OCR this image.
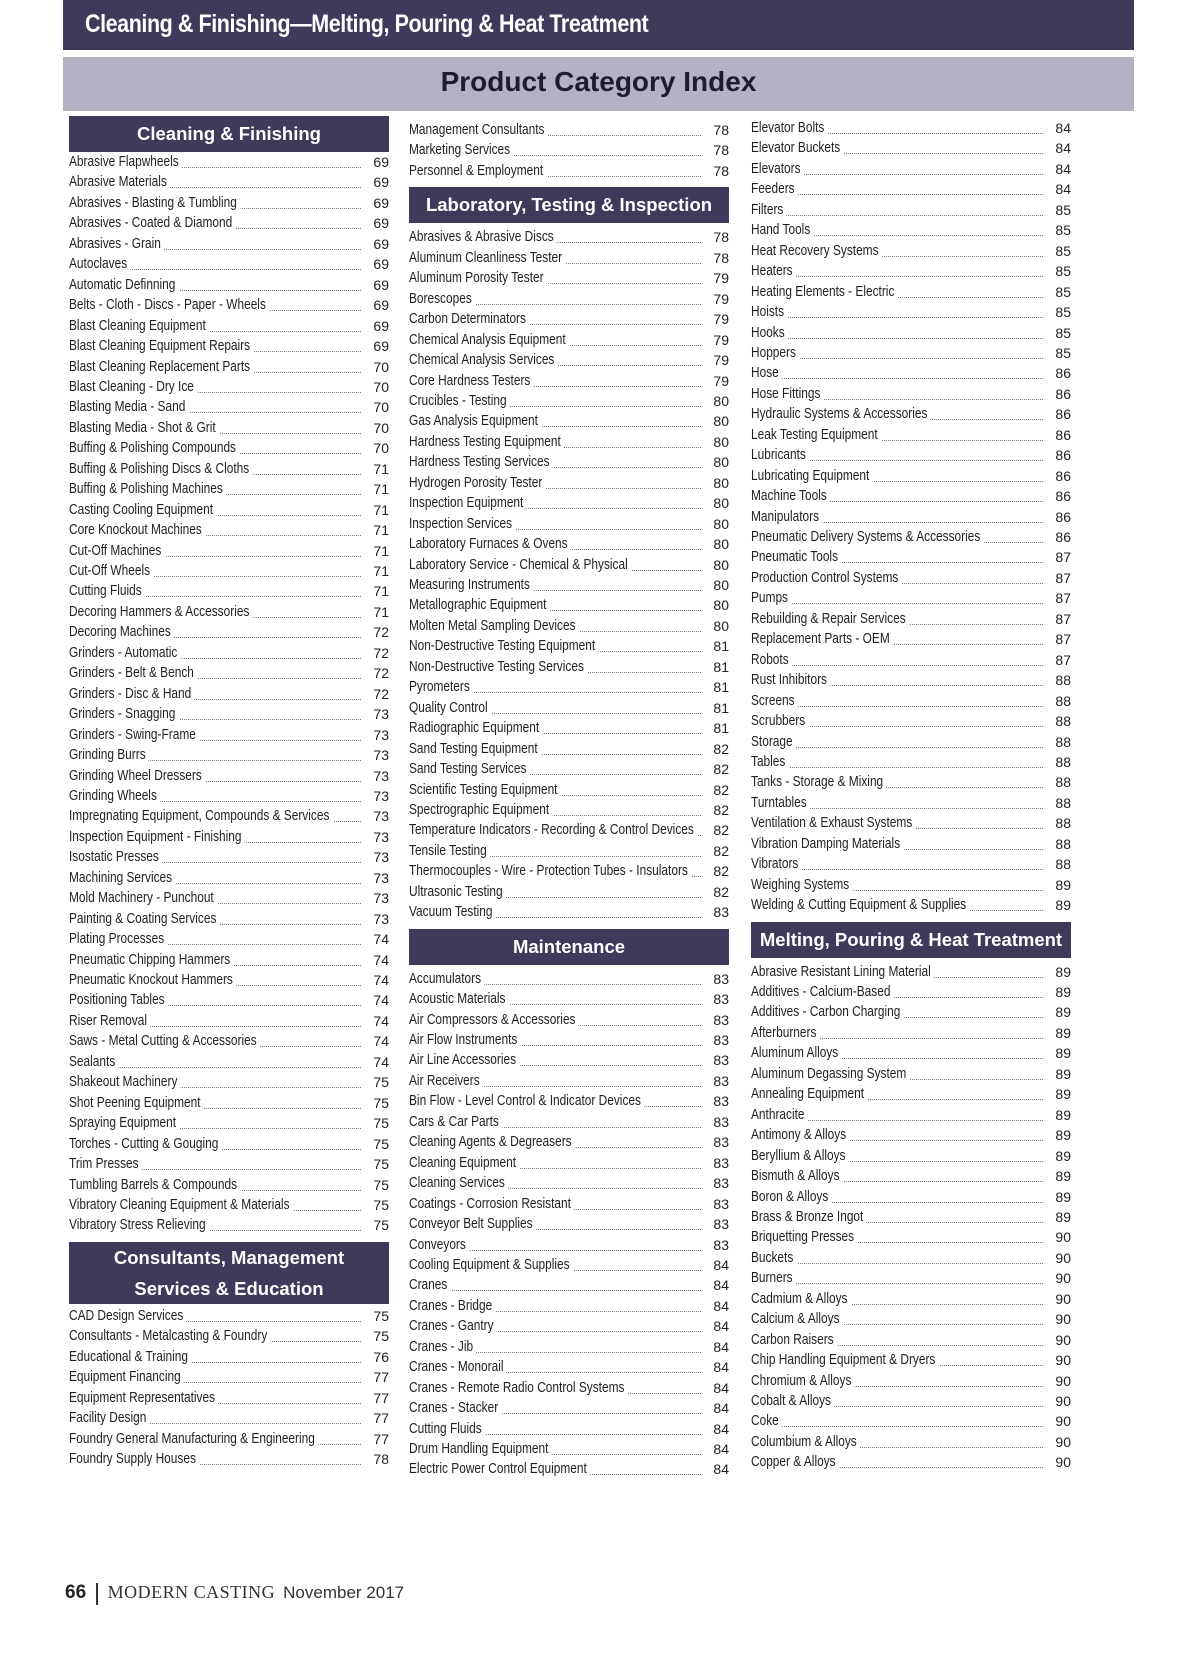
Cleaning & Finishing—Melting, Pouring & Heat Treatment
Product Category Index
Cleaning & Finishing
Abrasive Flapwheels	69
Abrasive Materials	69
Abrasives - Blasting & Tumbling	69
Abrasives - Coated & Diamond	69
Abrasives - Grain	69
Autoclaves	69
Automatic Definning	69
Belts - Cloth - Discs - Paper - Wheels	69
Blast Cleaning Equipment	69
Blast Cleaning Equipment Repairs	69
Blast Cleaning Replacement Parts	70
Blast Cleaning - Dry Ice	70
Blasting Media - Sand	70
Blasting Media - Shot & Grit	70
Buffing & Polishing Compounds	70
Buffing & Polishing Discs & Cloths	71
Buffing & Polishing Machines	71
Casting Cooling Equipment	71
Core Knockout Machines	71
Cut-Off Machines	71
Cut-Off Wheels	71
Cutting Fluids	71
Decoring Hammers & Accessories	71
Decoring Machines	72
Grinders - Automatic	72
Grinders - Belt & Bench	72
Grinders - Disc & Hand	72
Grinders - Snagging	73
Grinders - Swing-Frame	73
Grinding Burrs	73
Grinding Wheel Dressers	73
Grinding Wheels	73
Impregnating Equipment, Compounds & Services	73
Inspection Equipment - Finishing	73
Isostatic Presses	73
Machining Services	73
Mold Machinery - Punchout	73
Painting & Coating Services	73
Plating Processes	74
Pneumatic Chipping Hammers	74
Pneumatic Knockout Hammers	74
Positioning Tables	74
Riser Removal	74
Saws - Metal Cutting & Accessories	74
Sealants	74
Shakeout Machinery	75
Shot Peening Equipment	75
Spraying Equipment	75
Torches - Cutting & Gouging	75
Trim Presses	75
Tumbling Barrels & Compounds	75
Vibratory Cleaning Equipment & Materials	75
Vibratory Stress Relieving	75
Consultants, Management
Services & Education
CAD Design Services	75
Consultants - Metalcasting & Foundry	75
Educational & Training	76
Equipment Financing	77
Equipment Representatives	77
Facility Design	77
Foundry General Manufacturing & Engineering	77
Foundry Supply Houses	78
Management Consultants	78
Marketing Services	78
Personnel & Employment	78
Laboratory, Testing & Inspection
Abrasives & Abrasive Discs	78
Aluminum Cleanliness Tester	78
Aluminum Porosity Tester	79
Borescopes	79
Carbon Determinators	79
Chemical Analysis Equipment	79
Chemical Analysis Services	79
Core Hardness Testers	79
Crucibles - Testing	80
Gas Analysis Equipment	80
Hardness Testing Equipment	80
Hardness Testing Services	80
Hydrogen Porosity Tester	80
Inspection Equipment	80
Inspection Services	80
Laboratory Furnaces & Ovens	80
Laboratory Service - Chemical & Physical	80
Measuring Instruments	80
Metallographic Equipment	80
Molten Metal Sampling Devices	80
Non-Destructive Testing Equipment	81
Non-Destructive Testing Services	81
Pyrometers	81
Quality Control	81
Radiographic Equipment	81
Sand Testing Equipment	82
Sand Testing Services	82
Scientific Testing Equipment	82
Spectrographic Equipment	82
Temperature Indicators - Recording & Control Devices	82
Tensile Testing	82
Thermocouples - Wire - Protection Tubes - Insulators	82
Ultrasonic Testing	82
Vacuum Testing	83
Maintenance
Accumulators	83
Acoustic Materials	83
Air Compressors & Accessories	83
Air Flow Instruments	83
Air Line Accessories	83
Air Receivers	83
Bin Flow - Level Control & Indicator Devices	83
Cars & Car Parts	83
Cleaning Agents & Degreasers	83
Cleaning Equipment	83
Cleaning Services	83
Coatings - Corrosion Resistant	83
Conveyor Belt Supplies	83
Conveyors	83
Cooling Equipment & Supplies	84
Cranes	84
Cranes - Bridge	84
Cranes - Gantry	84
Cranes - Jib	84
Cranes - Monorail	84
Cranes - Remote Radio Control Systems	84
Cranes - Stacker	84
Cutting Fluids	84
Drum Handling Equipment	84
Electric Power Control Equipment	84
Elevator Bolts	84
Elevator Buckets	84
Elevators	84
Feeders	84
Filters	85
Hand Tools	85
Heat Recovery Systems	85
Heaters	85
Heating Elements - Electric	85
Hoists	85
Hooks	85
Hoppers	85
Hose	86
Hose Fittings	86
Hydraulic Systems & Accessories	86
Leak Testing Equipment	86
Lubricants	86
Lubricating Equipment	86
Machine Tools	86
Manipulators	86
Pneumatic Delivery Systems & Accessories	86
Pneumatic Tools	87
Production Control Systems	87
Pumps	87
Rebuilding & Repair Services	87
Replacement Parts - OEM	87
Robots	87
Rust Inhibitors	88
Screens	88
Scrubbers	88
Storage	88
Tables	88
Tanks - Storage & Mixing	88
Turntables	88
Ventilation & Exhaust Systems	88
Vibration Damping Materials	88
Vibrators	88
Weighing Systems	89
Welding & Cutting Equipment & Supplies	89
Melting, Pouring & Heat Treatment
Abrasive Resistant Lining Material	89
Additives - Calcium-Based	89
Additives - Carbon Charging	89
Afterburners	89
Aluminum Alloys	89
Aluminum Degassing System	89
Annealing Equipment	89
Anthracite	89
Antimony & Alloys	89
Beryllium & Alloys	89
Bismuth & Alloys	89
Boron & Alloys	89
Brass & Bronze Ingot	89
Briquetting Presses	90
Buckets	90
Burners	90
Cadmium & Alloys	90
Calcium & Alloys	90
Carbon Raisers	90
Chip Handling Equipment & Dryers	90
Chromium & Alloys	90
Cobalt & Alloys	90
Coke	90
Columbium & Alloys	90
Copper & Alloys	90
66 MODERN CASTING November 2017
